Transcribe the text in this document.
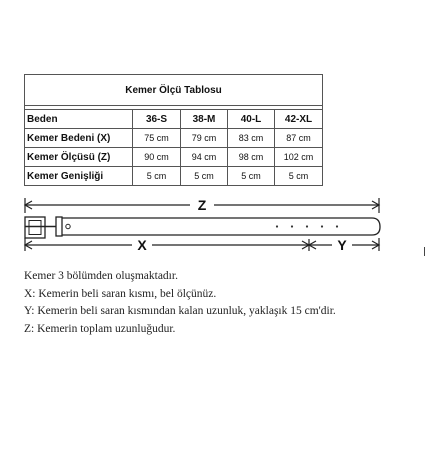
Kemer Ölçü Tablosu				

Beden	36-S	38-M	40-L	42-XL
Kemer Bedeni (X)	75 cm	79 cm	83 cm	87 cm
Kemer Ölçüsü (Z)	90 cm	94 cm	98 cm	102 cm
Kemer Genişliği	5 cm	5 cm	5 cm	5 cm
Z
X	Y

Kemer 3 bölümden oluşmaktadır.

X: Kemerin beli saran kısmı, bel ölçünüz.

Y: Kemerin beli saran kısmından kalan uzunluk, yaklaşık 15 cm'dir.

Z: Kemerin toplam uzunluğudur.
